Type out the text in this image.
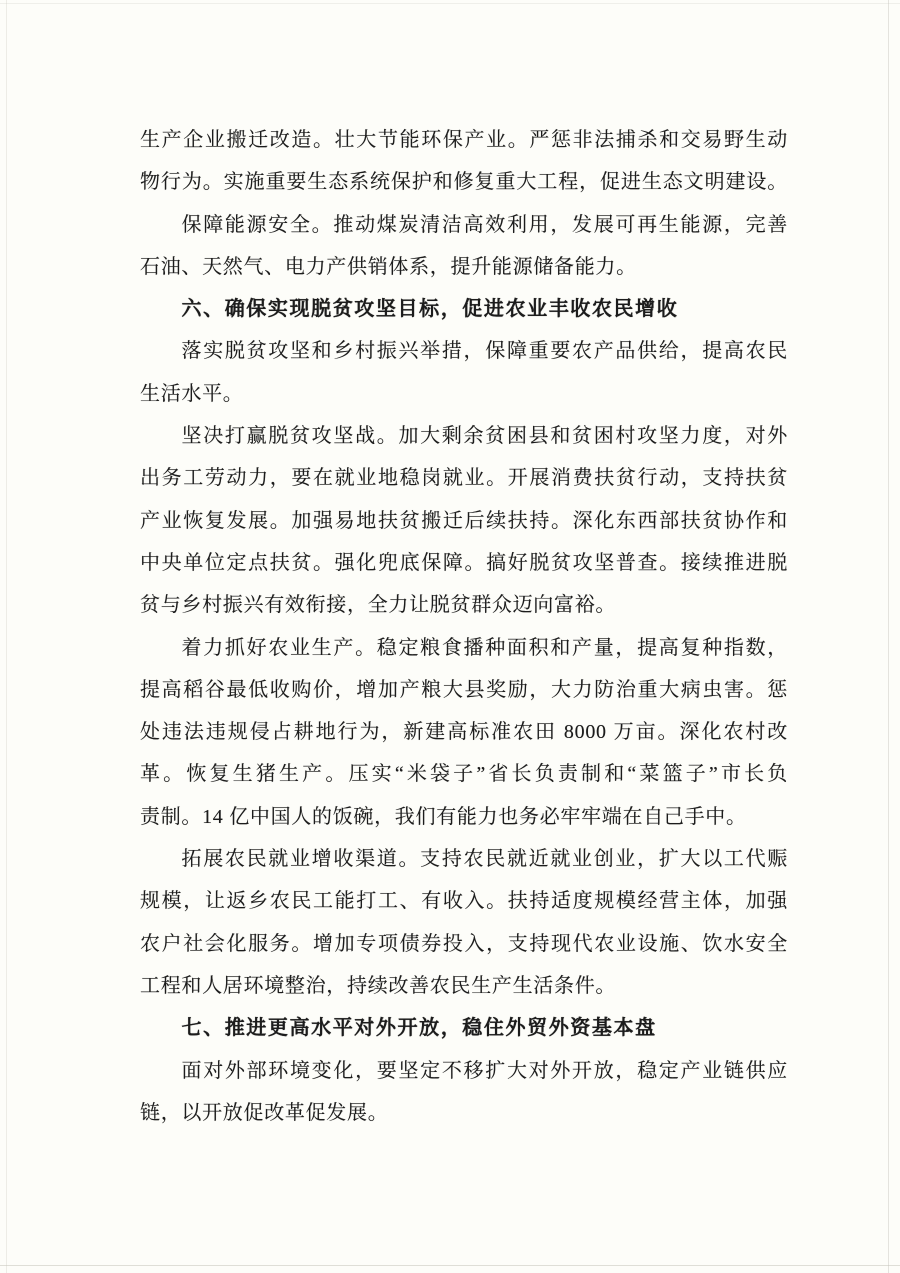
生产企业搬迁改造。壮大节能环保产业。严惩非法捕杀和交易野生动
物行为。实施重要生态系统保护和修复重大工程，促进生态文明建设。
保障能源安全。推动煤炭清洁高效利用，发展可再生能源，完善
石油、天然气、电力产供销体系，提升能源储备能力。
六、确保实现脱贫攻坚目标，促进农业丰收农民增收
落实脱贫攻坚和乡村振兴举措，保障重要农产品供给，提高农民
生活水平。
坚决打赢脱贫攻坚战。加大剩余贫困县和贫困村攻坚力度，对外
出务工劳动力，要在就业地稳岗就业。开展消费扶贫行动，支持扶贫
产业恢复发展。加强易地扶贫搬迁后续扶持。深化东西部扶贫协作和
中央单位定点扶贫。强化兜底保障。搞好脱贫攻坚普查。接续推进脱
贫与乡村振兴有效衔接，全力让脱贫群众迈向富裕。
着力抓好农业生产。稳定粮食播种面积和产量，提高复种指数，
提高稻谷最低收购价，增加产粮大县奖励，大力防治重大病虫害。惩
处违法违规侵占耕地行为，新建高标准农田 8000 万亩。深化农村改
革。恢复生猪生产。压实“米袋子”省长负责制和“菜篮子”市长负
责制。14 亿中国人的饭碗，我们有能力也务必牢牢端在自己手中。
拓展农民就业增收渠道。支持农民就近就业创业，扩大以工代赈
规模，让返乡农民工能打工、有收入。扶持适度规模经营主体，加强
农户社会化服务。增加专项债券投入，支持现代农业设施、饮水安全
工程和人居环境整治，持续改善农民生产生活条件。
七、推进更高水平对外开放，稳住外贸外资基本盘
面对外部环境变化，要坚定不移扩大对外开放，稳定产业链供应
链，以开放促改革促发展。
